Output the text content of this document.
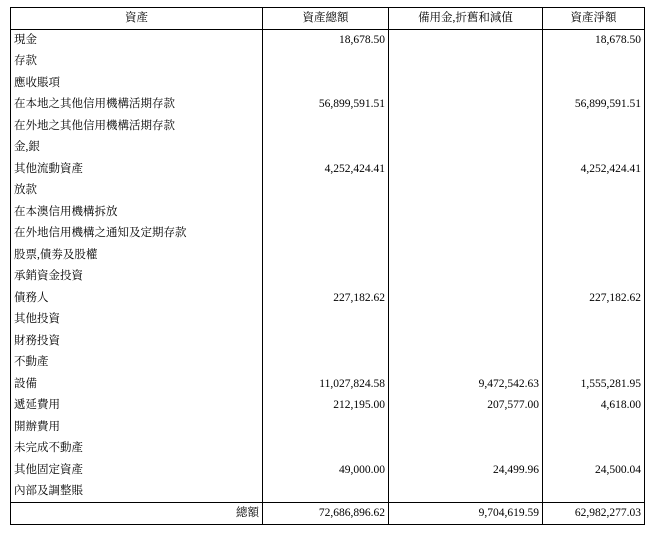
資產	資產總額	備用金,折舊和減值	資產淨額
現金	18,678.50		18,678.50
存款			
應收賬項			
在本地之其他信用機構活期存款	56,899,591.51		56,899,591.51
在外地之其他信用機構活期存款			
金,銀			
其他流動資產	4,252,424.41		4,252,424.41
放款			
在本澳信用機構拆放			
在外地信用機構之通知及定期存款			
股票,債劵及股權			
承銷資金投資			
債務人	227,182.62		227,182.62
其他投資			
財務投資			
不動產			
設備	11,027,824.58	9,472,542.63	1,555,281.95
遞延費用	212,195.00	207,577.00	4,618.00
開辦費用			
未完成不動產			
其他固定資產	49,000.00	24,499.96	24,500.04
內部及調整賬			
總額	72,686,896.62	9,704,619.59	62,982,277.03
